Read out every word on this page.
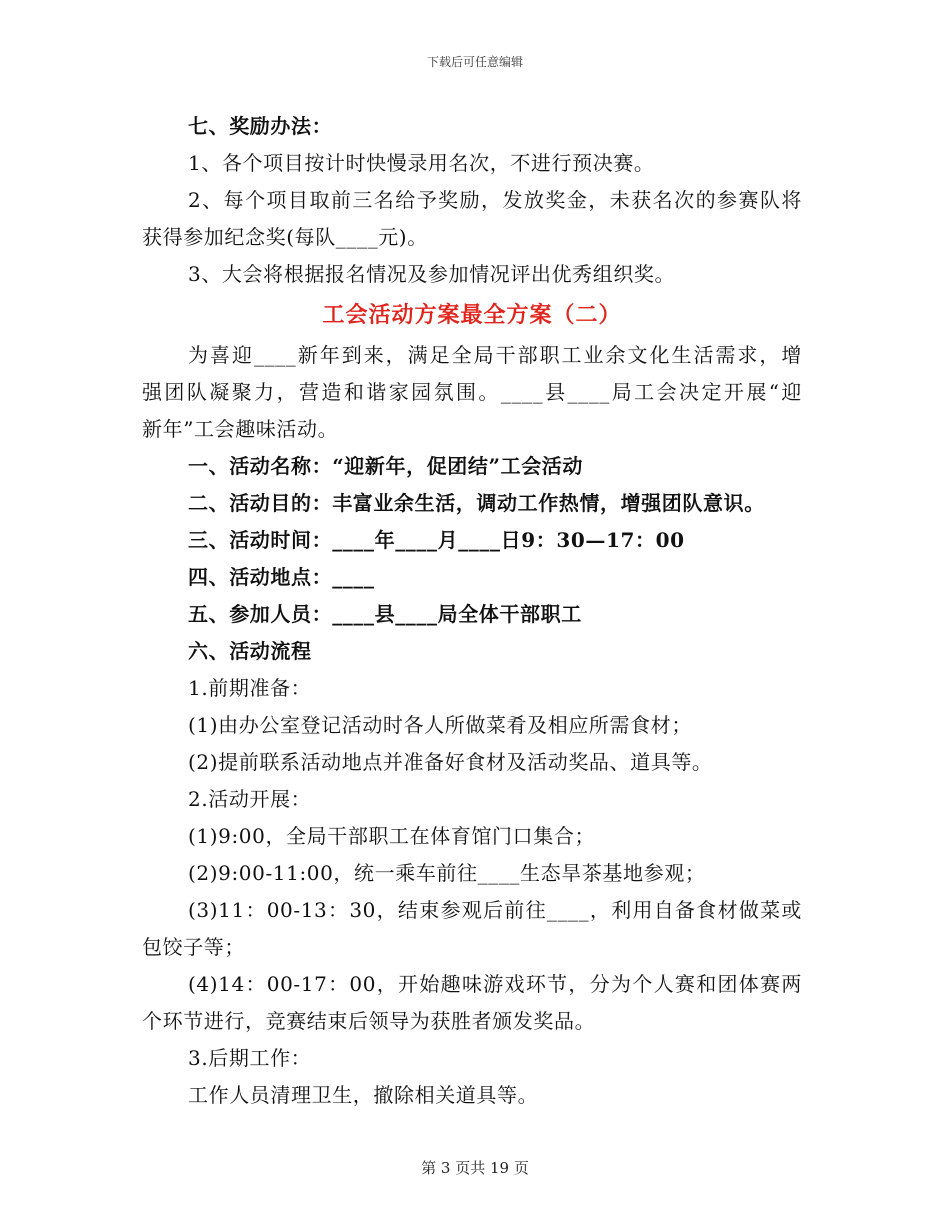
下载后可任意编辑
七、奖励办法：
1、各个项目按计时快慢录用名次，不进行预决赛。
2、每个项目取前三名给予奖励，发放奖金，未获名次的参赛队将
获得参加纪念奖(每队____元)。
3、大会将根据报名情况及参加情况评出优秀组织奖。
工会活动方案最全方案（二）
为喜迎____新年到来，满足全局干部职工业余文化生活需求，增
强团队凝聚力，营造和谐家园氛围。____县____局工会决定开展“迎
新年”工会趣味活动。
一、活动名称：“迎新年，促团结”工会活动
二、活动目的：丰富业余生活，调动工作热情，增强团队意识。
三、活动时间：____年____月____日9：30—17：00
四、活动地点：____
五、参加人员：____县____局全体干部职工
六、活动流程
1.前期准备：
(1)由办公室登记活动时各人所做菜肴及相应所需食材；
(2)提前联系活动地点并准备好食材及活动奖品、道具等。
2.活动开展：
(1)9:00，全局干部职工在体育馆门口集合；
(2)9:00-11:00，统一乘车前往____生态旱茶基地参观；
(3)11：00-13：30，结束参观后前往____，利用自备食材做菜或
包饺子等；
(4)14：00-17：00，开始趣味游戏环节，分为个人赛和团体赛两
个环节进行，竞赛结束后领导为获胜者颁发奖品。
3.后期工作：
工作人员清理卫生，撤除相关道具等。
第 3 页共 19 页
